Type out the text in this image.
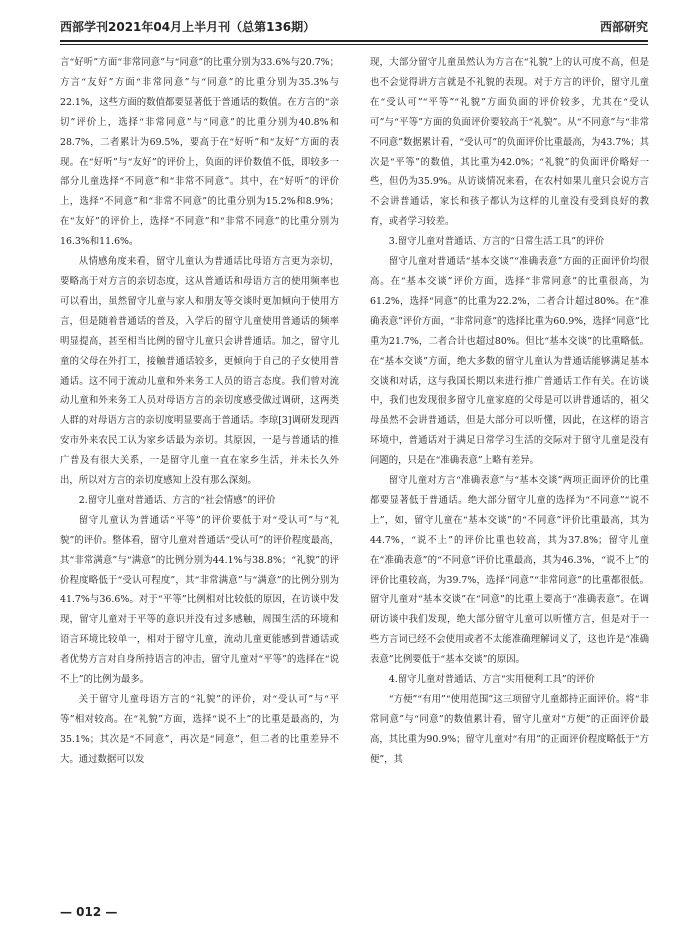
西部学刊2021年04月上半月刊（总第136期）	西部研究

言“好听”方面“非常同意”与“同意”的比重分别为33.6%与20.7%；方言“友好”方面“非常同意”与“同意”的比重分别为35.3%与22.1%，这些方面的数值都要显著低于普通话的数值。在方言的“亲切”评价上，选择“非常同意”与“同意”的比重分别为40.8%和28.7%，二者累计为69.5%，要高于在“好听”和“友好”方面的表现。在“好听”与“友好”的评价上，负面的评价数值不低，即较多一部分儿童选择“不同意”和“非常不同意”。其中，在“好听”的评价上，选择“不同意”和“非常不同意”的比重分别为15.2%和8.9%；在“友好”的评价上，选择“不同意”和“非常不同意”的比重分别为16.3%和11.6%。

从情感角度来看，留守儿童认为普通话比母语方言更为亲切，要略高于对方言的亲切态度，这从普通话和母语方言的使用频率也可以看出，虽然留守儿童与家人和朋友等交谈时更加倾向于使用方言，但是随着普通话的普及，入学后的留守儿童使用普通话的频率明显提高，甚至相当比例的留守儿童只会讲普通话。加之，留守儿童的父母在外打工，接触普通话较多，更倾向于自己的子女使用普通话。这不同于流动儿童和外来务工人员的语言态度。我们曾对流动儿童和外来务工人员对母语方言的亲切度感受做过调研，这两类人群的对母语方言的亲切度明显要高于普通话。李琼[3]调研发现西安市外来农民工认为家乡话最为亲切。其原因，一是与普通话的推广普及有很大关系，一是留守儿童一直在家乡生活，并未长久外出，所以对方言的亲切度感知上没有那么深刻。

2.留守儿童对普通话、方言的“社会情感”的评价

留守儿童认为普通话“平等”的评价要低于对“受认可”与“礼貌”的评价。整体看，留守儿童对普通话“受认可”的评价程度最高，其“非常满意”与“满意”的比例分别为44.1%与38.8%；“礼貌”的评价程度略低于“受认可程度”，其“非常满意”与“满意”的比例分别为41.7%与36.6%。对于“平等”比例相对比较低的原因，在访谈中发现，留守儿童对于平等的意识并没有过多感触，周围生活的环境和语言环境比较单一，相对于留守儿童，流动儿童更能感到普通话或者优势方言对自身所持语言的冲击，留守儿童对“平等”的选择在“说不上”的比例为最多。

关于留守儿童母语方言的“礼貌”的评价，对“受认可”与“平等”相对较高。在“礼貌”方面，选择“说不上”的比重是最高的，为35.1%；其次是“不同意”，再次是“同意”，但二者的比重差异不大。通过数据可以发

现，大部分留守儿童虽然认为方言在“礼貌”上的认可度不高，但是也不会觉得讲方言就是不礼貌的表现。对于方言的评价，留守儿童在“受认可”“平等”“礼貌”方面负面的评价较多，尤其在“受认可”与“平等”方面的负面评价要较高于“礼貌”。从“不同意”与“非常不同意”数据累计看，“受认可”的负面评价比重最高，为43.7%；其次是“平等”的数值，其比重为42.0%；“礼貌”的负面评价略好一些，但仍为35.9%。从访谈情况来看，在农村如果儿童只会说方言不会讲普通话，家长和孩子都认为这样的儿童没有受到良好的教育，或者学习较差。

3.留守儿童对普通话、方言的“日常生活工具”的评价

留守儿童对普通话“基本交谈”“准确表意”方面的正面评价均很高。在“基本交谈”评价方面，选择“非常同意”的比重很高，为61.2%，选择“同意”的比重为22.2%，二者合计超过80%。在“准确表意”评价方面，“非常同意”的选择比重为60.9%，选择“同意”比重为21.7%，二者合计也超过80%。但比“基本交谈”的比重略低。在“基本交谈”方面，绝大多数的留守儿童认为普通话能够满足基本交谈和对话，这与我国长期以来进行推广普通话工作有关。在访谈中，我们也发现很多留守儿童家庭的父母是可以讲普通话的，祖父母虽然不会讲普通话，但是大部分可以听懂，因此，在这样的语言环境中，普通话对于满足日常学习生活的交际对于留守儿童是没有问题的，只是在“准确表意”上略有差异。

留守儿童对方言“准确表意”与“基本交谈”两项正面评价的比重都要显著低于普通话。绝大部分留守儿童的选择为“不同意”“说不上”，如，留守儿童在“基本交谈”的“不同意”评价比重最高，其为44.7%，“说不上”的评价比重也较高，其为37.8%；留守儿童在“准确表意”的“不同意”评价比重最高，其为46.3%，“说不上”的评价比重较高，为39.7%，选择“同意”“非常同意”的比重都很低。留守儿童对“基本交谈”在“同意”的比重上要高于“准确表意”。在调研访谈中我们发现，绝大部分留守儿童可以听懂方言，但是对于一些方言词已经不会使用或者不太能准确理解词义了，这也许是“准确表意”比例要低于“基本交谈”的原因。

4.留守儿童对普通话、方言“实用便利工具”的评价

“方便”“有用”“使用范围”这三项留守儿童都持正面评价。将“非常同意”与“同意”的数值累计看，留守儿童对“方便”的正面评价最高，其比重为90.9%；留守儿童对“有用”的正面评价程度略低于“方便”，其

— 012 —
